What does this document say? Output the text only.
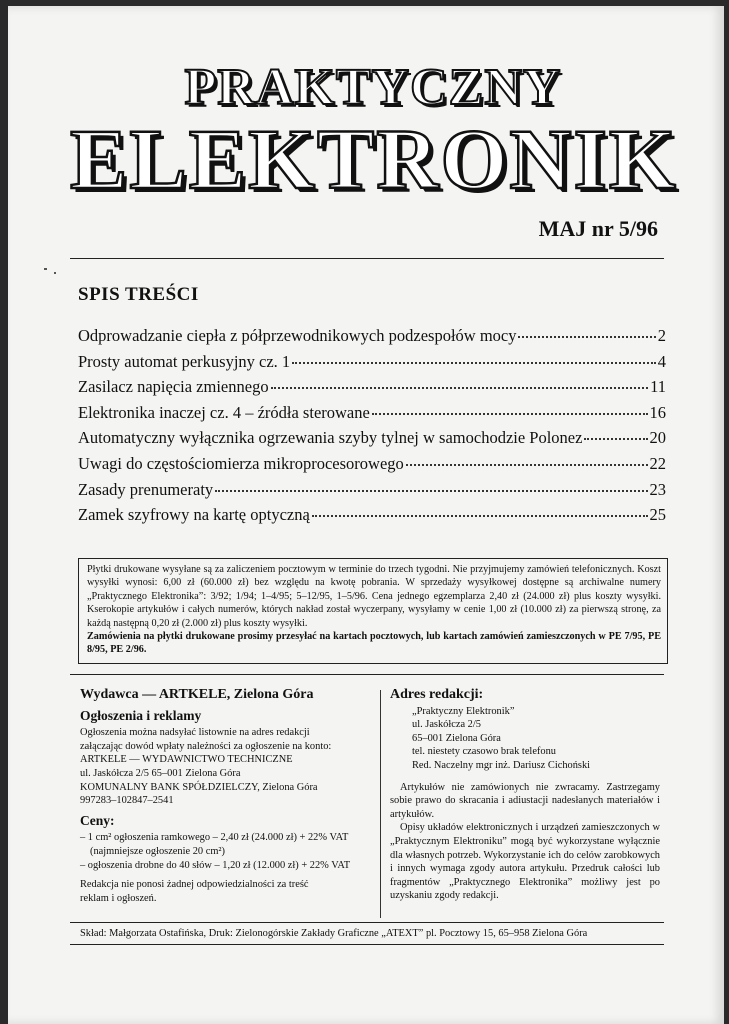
PRAKTYCZNY
ELEKTRONIK
MAJ nr 5/96
SPIS TREŚCI
Odprowadzanie ciepła z półprzewodnikowych podzespołów mocy	2
Prosty automat perkusyjny cz. 1	4
Zasilacz napięcia zmiennego	11
Elektronika inaczej cz. 4 – źródła sterowane	16
Automatyczny wyłącznika ogrzewania szyby tylnej w samochodzie Polonez	20
Uwagi do częstościomierza mikroprocesorowego	22
Zasady prenumeraty	23
Zamek szyfrowy na kartę optyczną	25
Płytki drukowane wysyłane są za zaliczeniem pocztowym w terminie do trzech tygodni. Nie przyjmujemy zamówień telefonicznych. Koszt wysyłki wynosi: 6,00 zł (60.000 zł) bez względu na kwotę pobrania. W sprzedaży wysyłkowej dostępne są archiwalne numery „Praktycznego Elektronika”: 3/92; 1/94; 1–4/95; 5–12/95, 1–5/96. Cena jednego egzemplarza 2,40 zł (24.000 zł) plus koszty wysyłki. Kserokopie artykułów i całych numerów, których nakład został wyczerpany, wysyłamy w cenie 1,00 zł (10.000 zł) za pierwszą stronę, za każdą następną 0,20 zł (2.000 zł) plus koszty wysyłki.
Zamówienia na płytki drukowane prosimy przesyłać na kartach pocztowych, lub kartach zamówień zamieszczonych w PE 7/95, PE 8/95, PE 2/96.
Wydawca — ARTKELE, Zielona Góra
Ogłoszenia i reklamy
Ogłoszenia można nadsyłać listownie na adres redakcji
załączając dowód wpłaty należności za ogłoszenie na konto:
ARTKELE — WYDAWNICTWO TECHNICZNE
ul. Jaskółcza 2/5 65–001 Zielona Góra
KOMUNALNY BANK SPÓŁDZIELCZY, Zielona Góra
997283–102847–2541
Ceny:
– 1 cm² ogłoszenia ramkowego – 2,40 zł (24.000 zł) + 22% VAT
(najmniejsze ogłoszenie 20 cm²)
– ogłoszenia drobne do 40 słów – 1,20 zł (12.000 zł) + 22% VAT
Redakcja nie ponosi żadnej odpowiedzialności za treść
reklam i ogłoszeń.
Adres redakcji:
„Praktyczny Elektronik”
ul. Jaskółcza 2/5
65–001 Zielona Góra
tel. niestety czasowo brak telefonu
Red. Naczelny mgr inż. Dariusz Cichoński

Artykułów nie zamówionych nie zwracamy. Zastrzegamy sobie prawo do skracania i adiustacji nadesłanych materiałów i artykułów.

Opisy układów elektronicznych i urządzeń zamieszczonych w „Praktycznym Elektroniku” mogą być wykorzystane wyłącznie dla własnych potrzeb. Wykorzystanie ich do celów zarobkowych i innych wymaga zgody autora artykułu. Przedruk całości lub fragmentów „Praktycznego Elektronika” możliwy jest po uzyskaniu zgody redakcji.

Skład: Małgorzata Ostafińska, Druk: Zielonogórskie Zakłady Graficzne „ATEXT” pl. Pocztowy 15, 65–958 Zielona Góra
